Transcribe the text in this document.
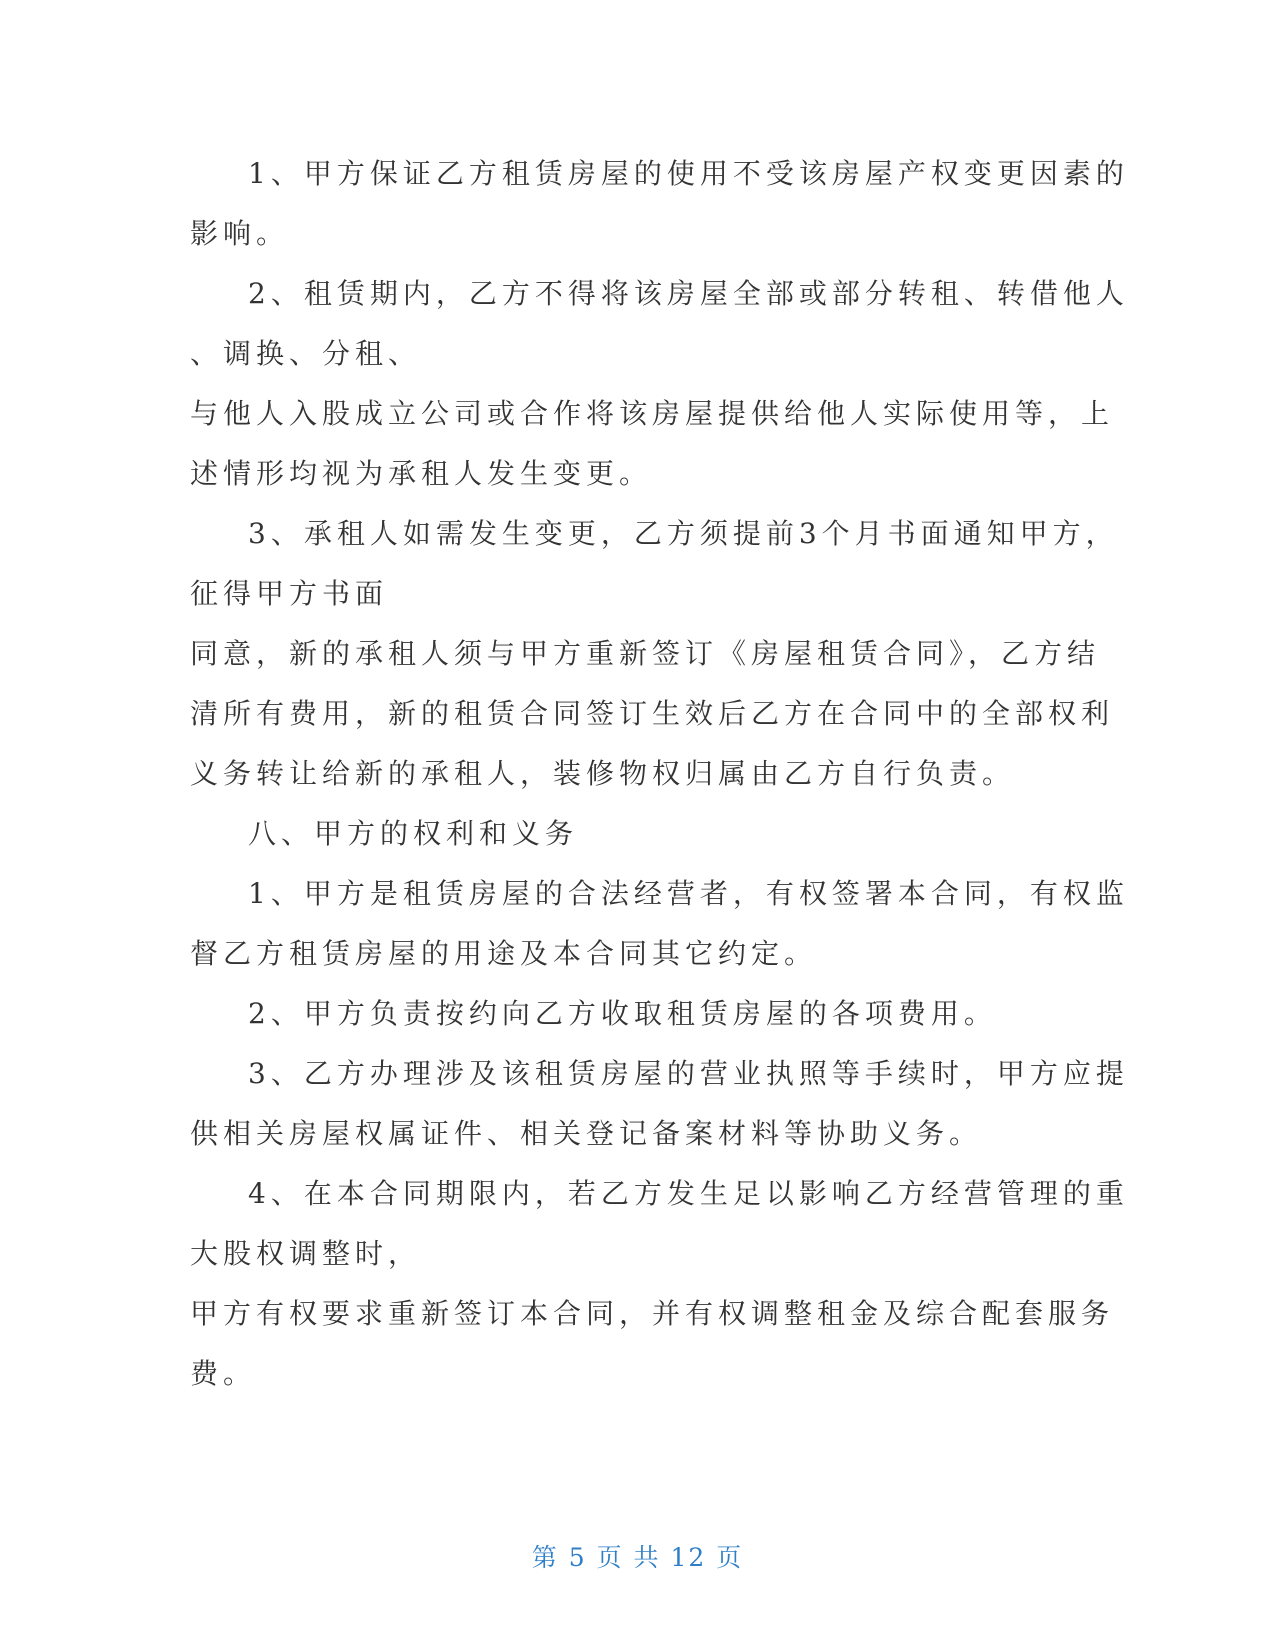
1、甲方保证乙方租赁房屋的使用不受该房屋产权变更因素的
影响。
2、租赁期内，乙方不得将该房屋全部或部分转租、转借他人
、调换、分租、
与他人入股成立公司或合作将该房屋提供给他人实际使用等，上
述情形均视为承租人发生变更。
3、承租人如需发生变更，乙方须提前3个月书面通知甲方，
征得甲方书面
同意，新的承租人须与甲方重新签订《房屋租赁合同》，乙方结
清所有费用，新的租赁合同签订生效后乙方在合同中的全部权利
义务转让给新的承租人，装修物权归属由乙方自行负责。
八、甲方的权利和义务
1、甲方是租赁房屋的合法经营者，有权签署本合同，有权监
督乙方租赁房屋的用途及本合同其它约定。
2、甲方负责按约向乙方收取租赁房屋的各项费用。
3、乙方办理涉及该租赁房屋的营业执照等手续时，甲方应提
供相关房屋权属证件、相关登记备案材料等协助义务。
4、在本合同期限内，若乙方发生足以影响乙方经营管理的重
大股权调整时，
甲方有权要求重新签订本合同，并有权调整租金及综合配套服务
费。
第 5 页 共 12 页
